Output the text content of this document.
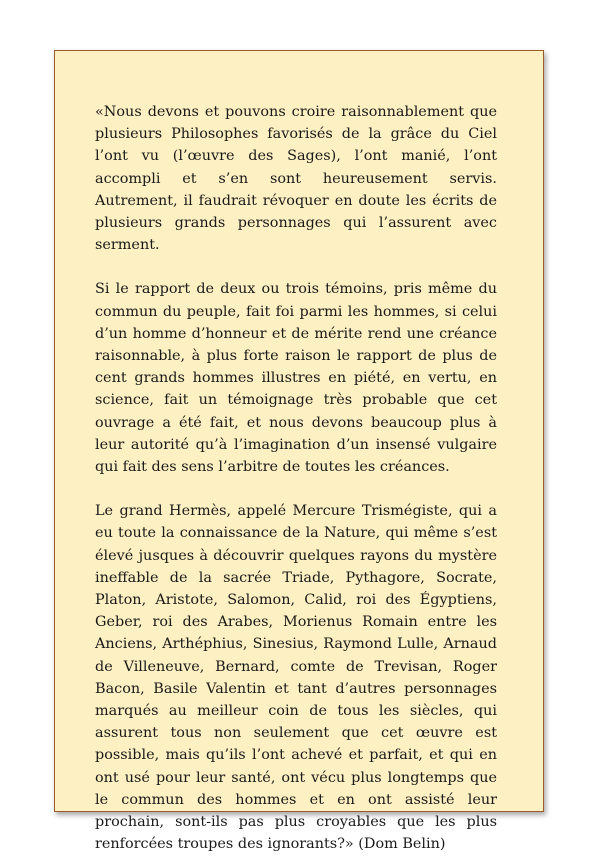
«Nous devons et pouvons croire raisonnablement que plusieurs Philosophes favorisés de la grâce du Ciel l’ont vu (l’œuvre des Sages), l’ont manié, l’ont accompli et s’en sont heureusement servis. Autrement, il faudrait révoquer en doute les écrits de plusieurs grands personnages qui l’assurent avec serment.

Si le rapport de deux ou trois témoins, pris même du commun du peuple, fait foi parmi les hommes, si celui d’un homme d’honneur et de mérite rend une créance raisonnable, à plus forte raison le rapport de plus de cent grands hommes illustres en piété, en vertu, en science, fait un témoignage très probable que cet ouvrage a été fait, et nous devons beaucoup plus à leur autorité qu’à l’imagination d’un insensé vulgaire qui fait des sens l’arbitre de toutes les créances.

Le grand Hermès, appelé Mercure Trismégiste, qui a eu toute la connaissance de la Nature, qui même s’est élevé jusques à découvrir quelques rayons du mystère ineffable de la sacrée Triade, Pythagore, Socrate, Platon, Aristote, Salomon, Calid, roi des Égyptiens, Geber, roi des Arabes, Morienus Romain entre les Anciens, Arthéphius, Sinesius, Raymond Lulle, Arnaud de Villeneuve, Bernard, comte de Trevisan, Roger Bacon, Basile Valentin et tant d’autres personnages marqués au meilleur coin de tous les siècles, qui assurent tous non seulement que cet œuvre est possible, mais qu’ils l’ont achevé et parfait, et qui en ont usé pour leur santé, ont vécu plus longtemps que le commun des hommes et en ont assisté leur prochain, sont-ils pas plus croyables que les plus renforcées troupes des ignorants?» (Dom Belin)
